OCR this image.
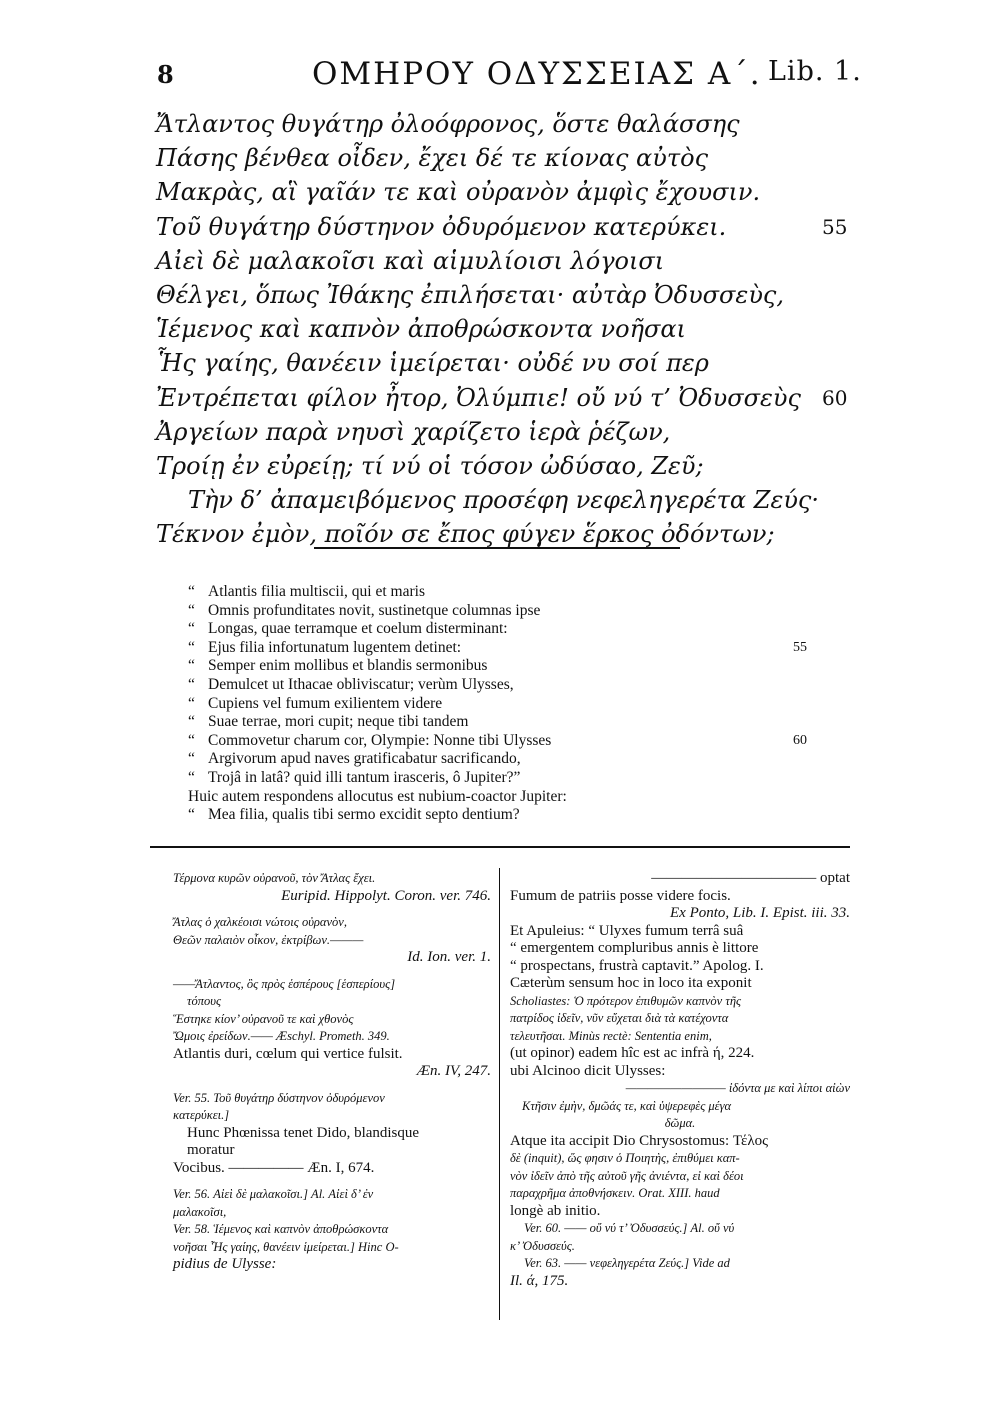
8	ΟΜΗΡΟΥ ΟΔΥΣΣΕΙΑΣ Α΄. Lib. 1.
Ἄτλαντος θυγάτηρ ὀλοόφρονος, ὅστε θαλάσσης
Πάσης βένθεα οἶδεν, ἔχει δέ τε κίονας αὐτὸς
Μακρὰς, αἳ γαῖάν τε καὶ οὐρανὸν ἀμφὶς ἔχουσιν.
Τοῦ θυγάτηρ δύστηνον ὀδυρόμενον κατερύκει.	55
Αἰεὶ δὲ μαλακοῖσι καὶ αἱμυλίοισι λόγοισι
Θέλγει, ὅπως Ἰθάκης ἐπιλήσεται· αὐτὰρ Ὀδυσσεὺς,
Ἱέμενος καὶ καπνὸν ἀποθρώσκοντα νοῆσαι
Ἧς γαίης, θανέειν ἱμείρεται· οὐδέ νυ σοί περ
Ἐντρέπεται φίλον ἦτορ, Ὀλύμπιε! οὔ νύ τ’ Ὀδυσσεὺς 60
Ἀργείων παρὰ νηυσὶ χαρίζετο ἱερὰ ῥέζων,
Τροίῃ ἐν εὐρείῃ; τί νύ οἱ τόσον ὠδύσαο, Ζεῦ;
Τὴν δ’ ἀπαμειβόμενος προσέφη νεφεληγερέτα Ζεύς·
Τέκνον ἐμὸν, ποῖόν σε ἔπος φύγεν ἕρκος ὀδόντων;
“ Atlantis filia multiscii, qui et maris
“ Omnis profunditates novit, sustinetque columnas ipse
“ Longas, quae terramque et coelum disterminant:
“ Ejus filia infortunatum lugentem detinet:	55
“ Semper enim mollibus et blandis sermonibus
“ Demulcet ut Ithacae obliviscatur; verùm Ulysses,
“ Cupiens vel fumum exilientem videre
“ Suae terrae, mori cupit; neque tibi tandem
“ Commovetur charum cor, Olympie: Nonne tibi Ulysses	60
“ Argivorum apud naves gratificabatur sacrificando,
“ Trojâ in latâ? quid illi tantum irasceris, ô Jupiter?”
Huic autem respondens allocutus est nubium-coactor Jupiter:
“ Mea filia, qualis tibi sermo excidit septo dentium?

Τέρμονα κυρῶν οὐρανοῦ, τὸν Ἄτλας ἔχει.

Euripid. Hippolyt. Coron. ver. 746.

Ἄτλας ὁ χαλκέοισι νώτοις οὐρανὸν,

Θεῶν παλαιὸν οἶκον, ἐκτρίβων.———

Id. Ion. ver. 1.

——Ἄτλαντος, ὃς πρὸς ἑσπέρους [ἑσπερίους]

τόπους

Ἕστηκε κίον’ οὐρανοῦ τε καὶ χθονὸς

Ὤμοις ἐρείδων.—— Æschyl. Prometh. 349.

Atlantis duri, cœlum qui vertice fulsit.

Æn. IV, 247.

Ver. 55. Τοῦ θυγάτηρ δύστηνον ὀδυρόμενον

κατερύκει.]

Hunc Phœnissa tenet Dido, blandisque

moratur

Vocibus. ————— Æn. I, 674.

Ver. 56. Αἰεὶ δὲ μαλακοῖσι.] Al. Αἰεὶ δ’ ἐν

μαλακοῖσι,

Ver. 58. Ἱέμενος καὶ καπνὸν ἀποθρώσκοντα

νοῆσαι Ἧς γαίης, θανέειν ἱμείρεται.] Hinc O-

pidius de Ulysse:

——————————— optat

Fumum de patriis posse videre focis.

Ex Ponto, Lib. I. Epist. iii. 33.

Et Apuleius: “ Ulyxes fumum terrâ suâ

“ emergentem compluribus annis è littore

“ prospectans, frustrà captavit.” Apolog. I.

Cæterùm sensum hoc in loco ita exponit

Scholiastes: Ὁ πρότερον ἐπιθυμῶν καπνὸν τῆς

πατρίδος ἰδεῖν, νῦν εὔχεται διὰ τὰ κατέχοντα

τελευτῆσαι. Minùs rectè: Sententia enim,

(ut opinor) eadem hîc est ac infrà ή, 224.

ubi Alcinoo dicit Ulysses:

————————— ἰδόντα με καὶ λίποι αἰὼν

Κτῆσιν ἐμὴν, δμῶάς τε, καὶ ὑψερεφὲς μέγα

δῶμα.

Atque ita accipit Dio Chrysostomus: Τέλος

δὲ (inquit), ὥς φησιν ὁ Ποιητὴς, ἐπιθύμει καπ-

νὸν ἰδεῖν ἀπὸ τῆς αὐτοῦ γῆς ἀνιέντα, εἰ καὶ δέοι

παραχρῆμα ἀποθνήσκειν. Orat. XIII. haud

longè ab initio.

Ver. 60. —— οὔ νύ τ’ Ὀδυσσεύς.] Al. οὔ νύ

κ’ Ὀδυσσεύς.

Ver. 63. —— νεφεληγερέτα Ζεύς.] Vide ad

Il. ά, 175.
